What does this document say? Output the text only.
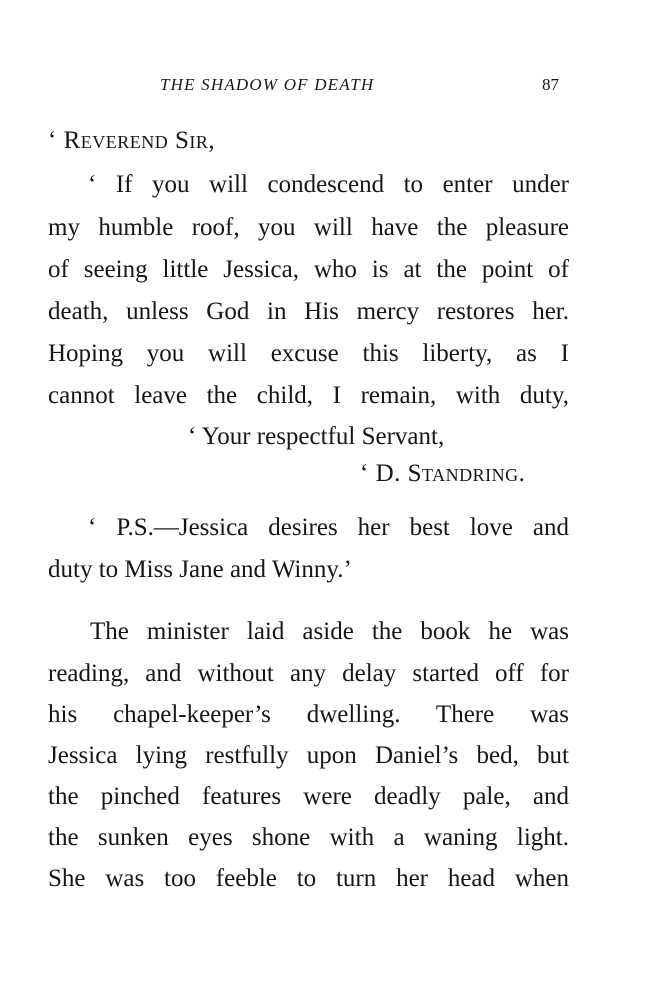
THE SHADOW OF DEATH	87
‘ Reverend Sir,
‘ If you will condescend to enter under
my humble roof, you will have the pleasure
of seeing little Jessica, who is at the point of
death, unless God in His mercy restores her.
Hoping you will excuse this liberty, as I
cannot leave the child, I remain, with duty,
‘ Your respectful Servant,
‘ D. Standring.
‘ P.S.—Jessica desires her best love and
duty to Miss Jane and Winny.’
The minister laid aside the book he was
reading, and without any delay started off for
his chapel-keeper’s dwelling. There was
Jessica lying restfully upon Daniel’s bed, but
the pinched features were deadly pale, and
the sunken eyes shone with a waning light.
She was too feeble to turn her head when
